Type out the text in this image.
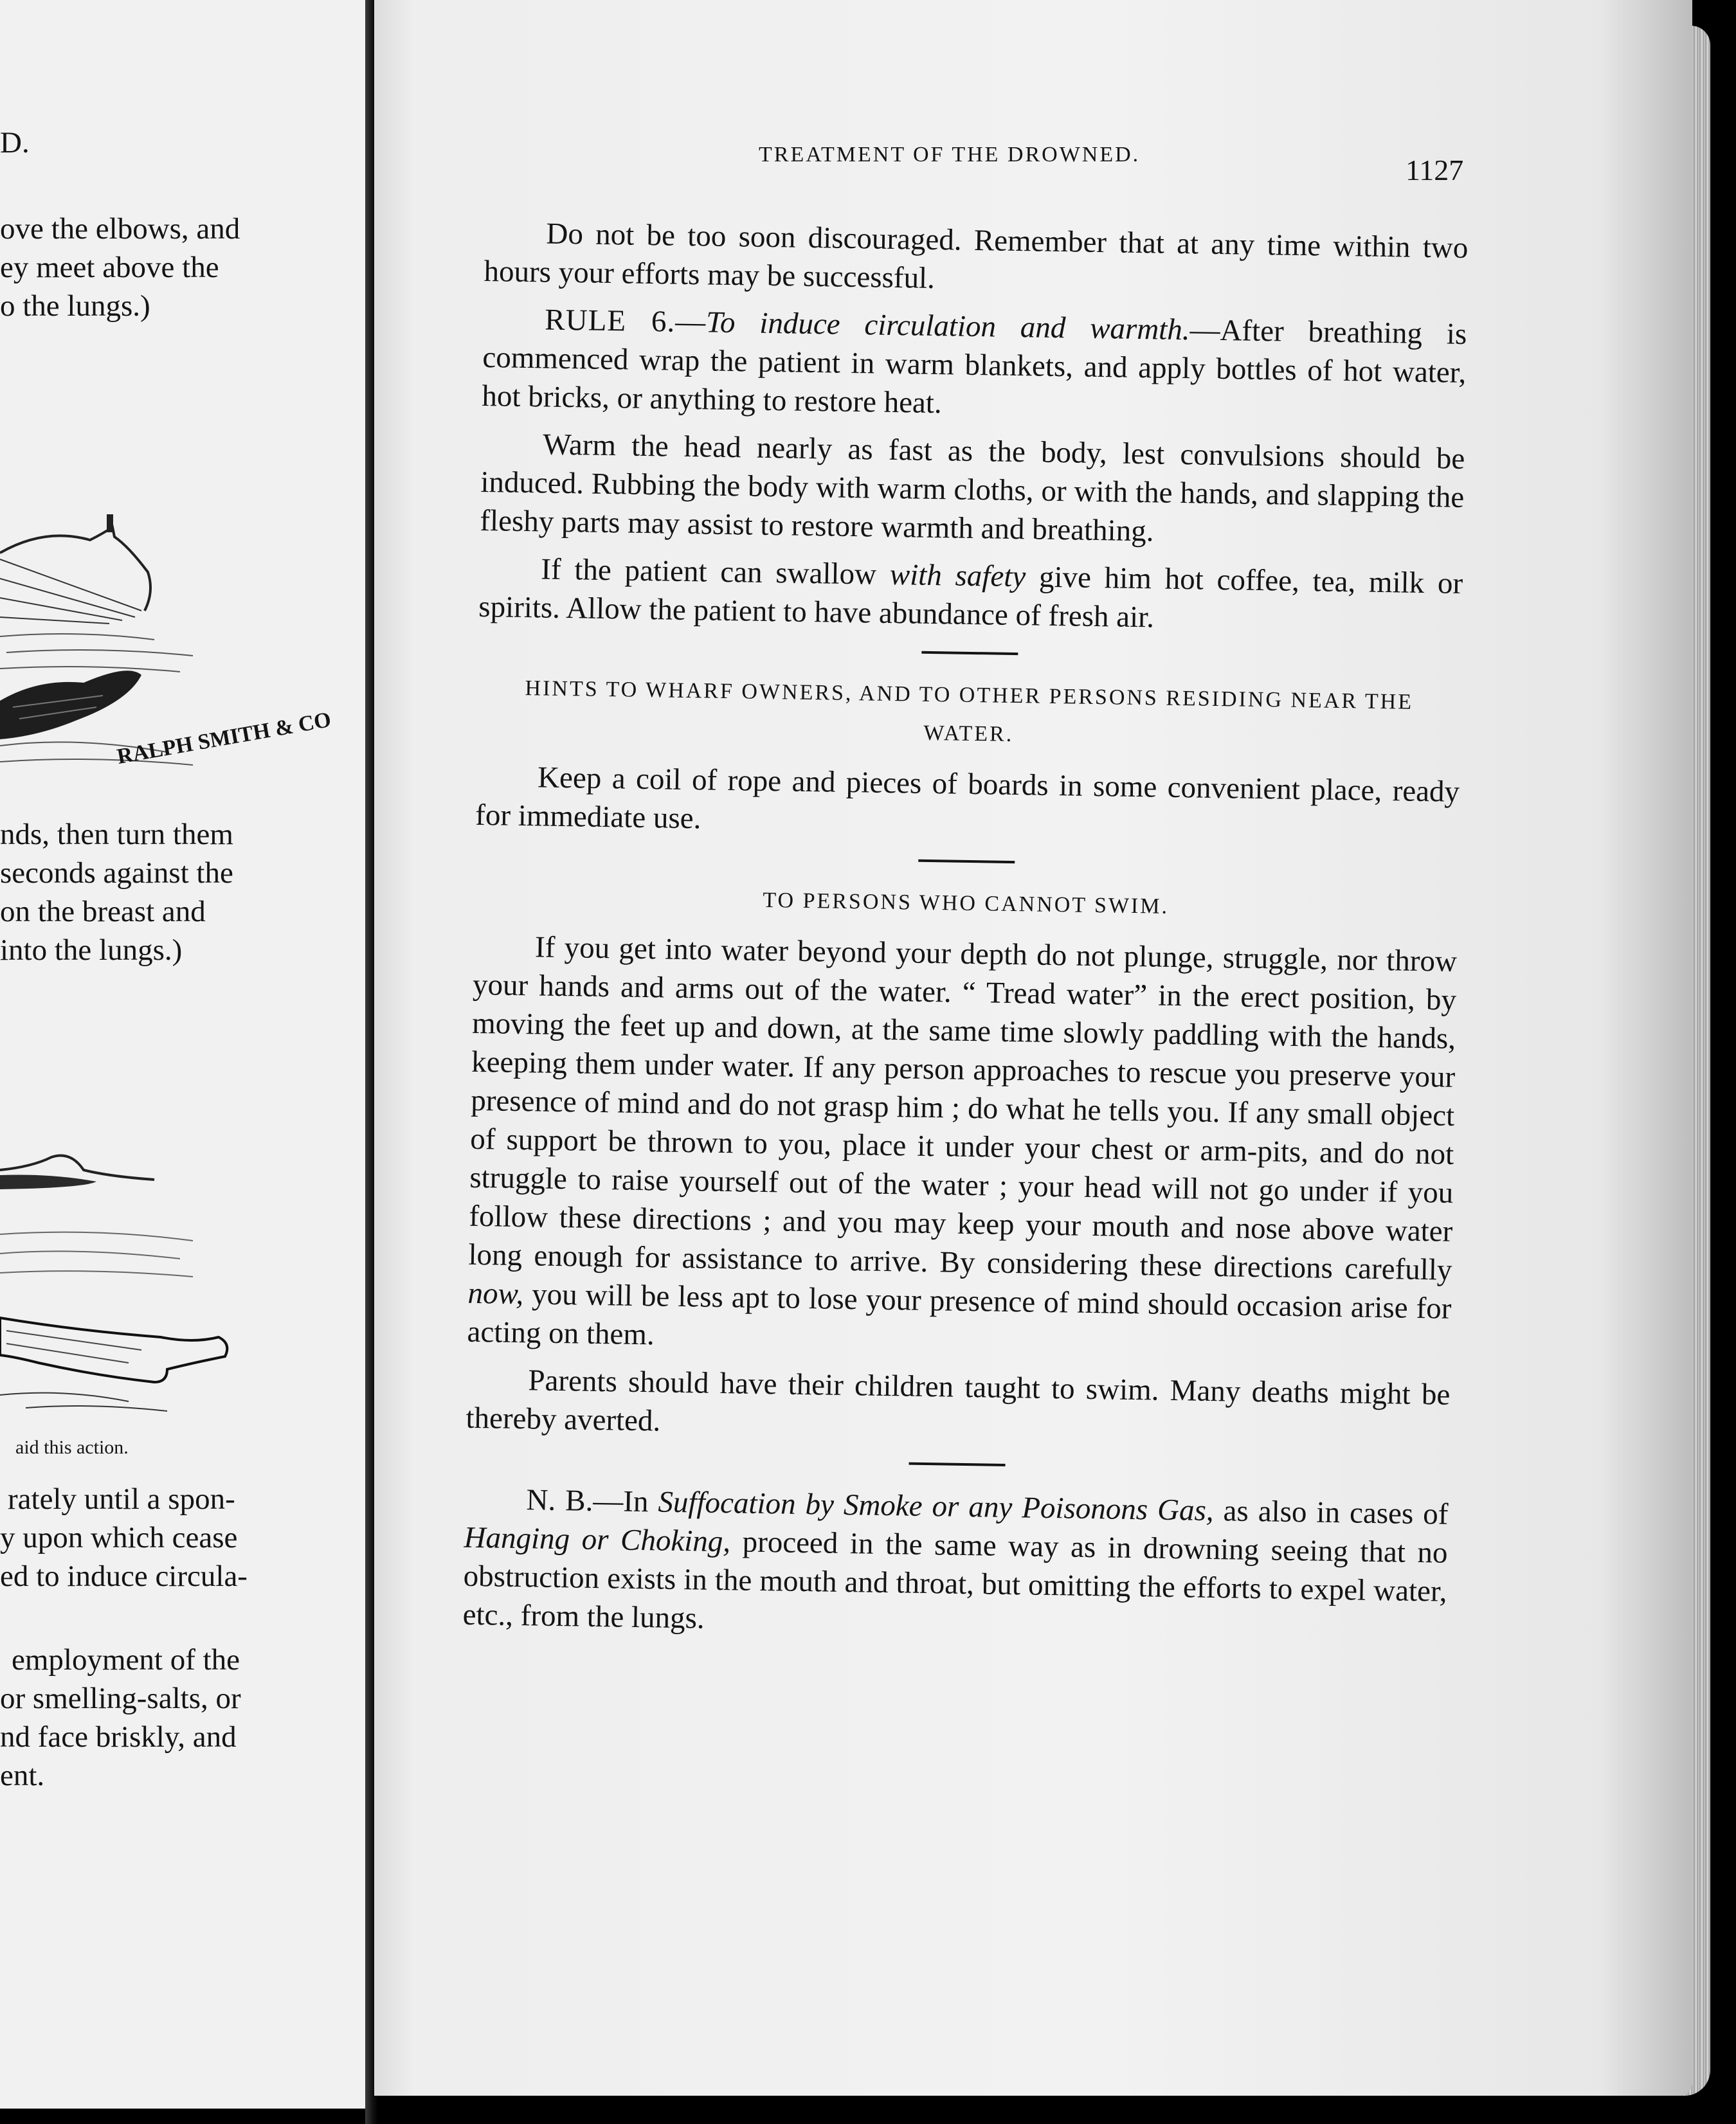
D.
ove the elbows, and
ey meet above the
o the lungs.)
RALPH SMITH & CO
nds, then turn them
seconds against the
on the breast and
into the lungs.)
aid this action.
rately until a spon-
y upon which cease
ed to induce circula-
employment of the
or smelling-salts, or
nd face briskly, and
ent.
TREATMENT OF THE DROWNED.	1127

Do not be too soon discouraged. Remember that at any time within two hours your efforts may be successful.

RULE 6.—To induce circulation and warmth.—After breathing is commenced wrap the patient in warm blankets, and apply bottles of hot water, hot bricks, or anything to restore heat.

Warm the head nearly as fast as the body, lest convulsions should be induced. Rubbing the body with warm cloths, or with the hands, and slapping the fleshy parts may assist to restore warmth and breathing.

If the patient can swallow with safety give him hot coffee, tea, milk or spirits. Allow the patient to have abundance of fresh air.

HINTS TO WHARF OWNERS, AND TO OTHER PERSONS RESIDING NEAR THE WATER.

Keep a coil of rope and pieces of boards in some convenient place, ready for immediate use.

TO PERSONS WHO CANNOT SWIM.

If you get into water beyond your depth do not plunge, struggle, nor throw your hands and arms out of the water. “ Tread water” in the erect position, by moving the feet up and down, at the same time slowly paddling with the hands, keeping them under water. If any person approaches to rescue you preserve your presence of mind and do not grasp him ; do what he tells you. If any small object of support be thrown to you, place it under your chest or arm-pits, and do not struggle to raise yourself out of the water ; your head will not go under if you follow these directions ; and you may keep your mouth and nose above water long enough for assistance to arrive. By considering these directions carefully now, you will be less apt to lose your presence of mind should occasion arise for acting on them.

Parents should have their children taught to swim. Many deaths might be thereby averted.

N. B.—In Suffocation by Smoke or any Poisonons Gas, as also in cases of Hanging or Choking, proceed in the same way as in drowning seeing that no obstruction exists in the mouth and throat, but omitting the efforts to expel water, etc., from the lungs.
